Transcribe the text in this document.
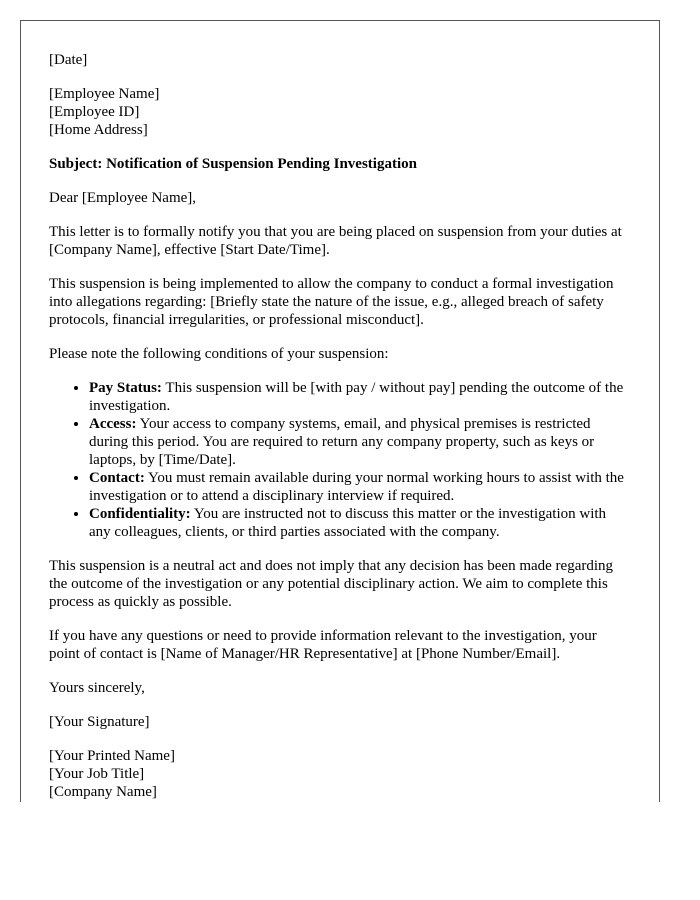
[Date]

[Employee Name]
[Employee ID]
[Home Address]

Subject: Notification of Suspension Pending Investigation

Dear [Employee Name],

This letter is to formally notify you that you are being placed on suspension from your duties at [Company Name], effective [Start Date/Time].

This suspension is being implemented to allow the company to conduct a formal investigation into allegations regarding: [Briefly state the nature of the issue, e.g., alleged breach of safety protocols, financial irregularities, or professional misconduct].

Please note the following conditions of your suspension:

• Pay Status: This suspension will be [with pay / without pay] pending the outcome of the investigation.
• Access: Your access to company systems, email, and physical premises is restricted during this period. You are required to return any company property, such as keys or laptops, by [Time/Date].
• Contact: You must remain available during your normal working hours to assist with the investigation or to attend a disciplinary interview if required.
• Confidentiality: You are instructed not to discuss this matter or the investigation with any colleagues, clients, or third parties associated with the company.

This suspension is a neutral act and does not imply that any decision has been made regarding the outcome of the investigation or any potential disciplinary action. We aim to complete this process as quickly as possible.

If you have any questions or need to provide information relevant to the investigation, your point of contact is [Name of Manager/HR Representative] at [Phone Number/Email].

Yours sincerely,

[Your Signature]

[Your Printed Name]
[Your Job Title]
[Company Name]
